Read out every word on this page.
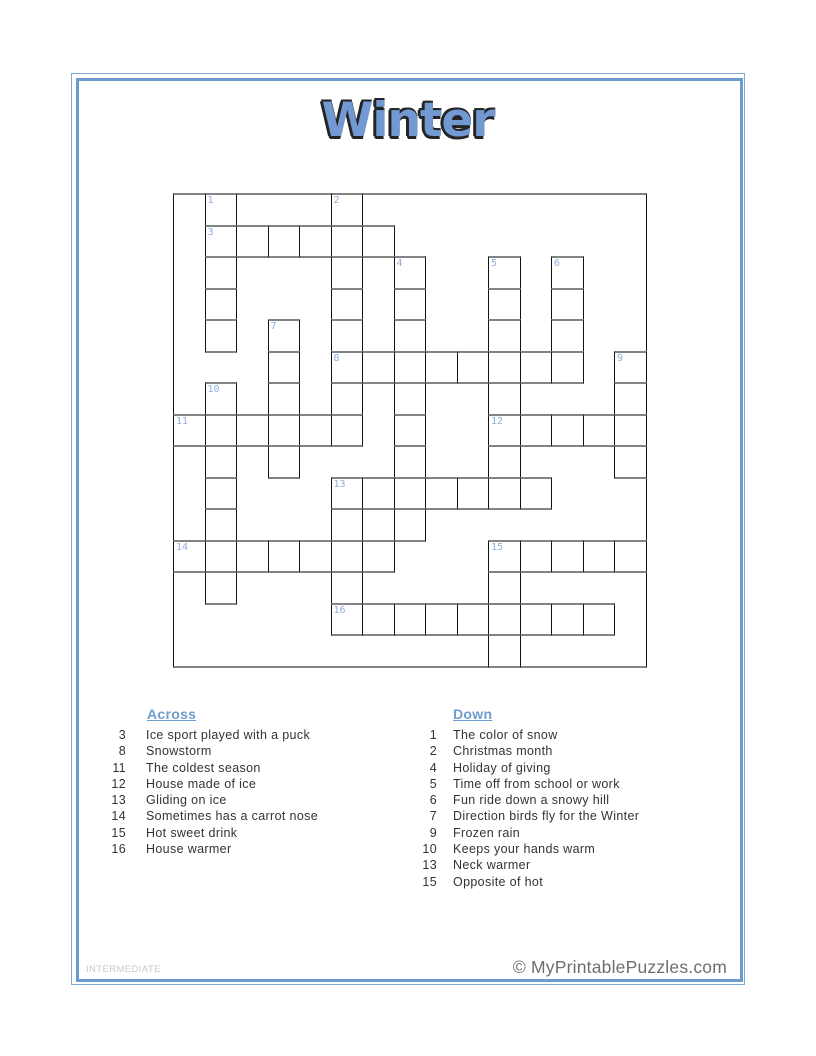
Winter
1	2
3
4	5	6
7
8	9
10
11	12
13
14	15
16
Across
3 Ice sport played with a puck
8 Snowstorm
11 The coldest season
12 House made of ice
13 Gliding on ice
14 Sometimes has a carrot nose
15 Hot sweet drink
16 House warmer
Down
1 The color of snow
2 Christmas month
4 Holiday of giving
5 Time off from school or work
6 Fun ride down a snowy hill
7 Direction birds fly for the Winter
9 Frozen rain
10 Keeps your hands warm
13 Neck warmer
15 Opposite of hot
INTERMEDIATE	© MyPrintablePuzzles.com
